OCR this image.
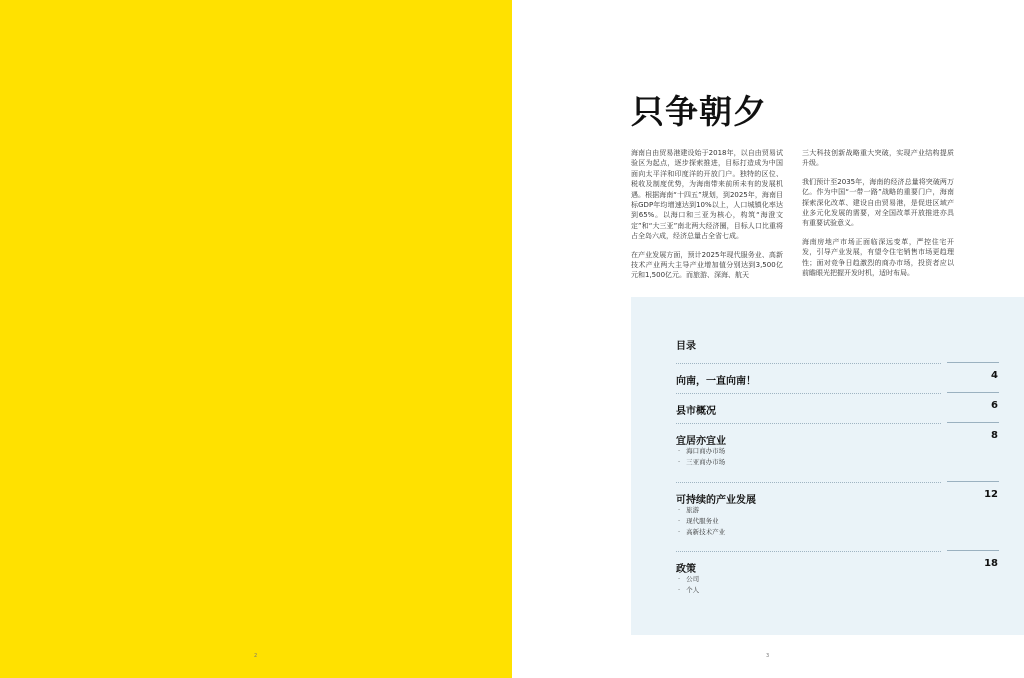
2
只争朝夕

海南自由贸易港建设始于2018年，以自由贸易试验区为起点，逐步探索推进，目标打造成为中国面向太平洋和印度洋的开放门户。独特的区位、税收及制度优势，为海南带来前所未有的发展机遇。根据海南“十四五”规划，到2025年，海南目标GDP年均增速达到10%以上，人口城镇化率达到65%。以海口和三亚为核心，构筑“海澄文定”和“大三亚”南北两大经济圈，目标人口比重将占全岛六成，经济总量占全省七成。

在产业发展方面，预计2025年现代服务业、高新技术产业两大主导产业增加值分别达到3,500亿元和1,500亿元。而旅游、深海、航天

三大科技创新战略重大突破，实现产业结构提质升级。

我们预计至2035年，海南的经济总量将突破两万亿。作为中国“一带一路”战略的重要门户，海南探索深化改革、建设自由贸易港，是促进区域产业多元化发展的需要，对全国改革开放推进亦具有重要试验意义。

海南房地产市场正面临深远变革，严控住宅开发，引导产业发展，有望令住宅销售市场更趋理性；面对竞争日趋激烈的商办市场，投资者应以前瞻眼光把握开发时机，适时布局。

目录
向南，一直向南！
4
县市概况
6
宜居亦宜业
8
· 海口商办市场
· 三亚商办市场
可持续的产业发展
12
· 旅游
· 现代服务业
· 高新技术产业
政策
18
· 公司
· 个人
3
